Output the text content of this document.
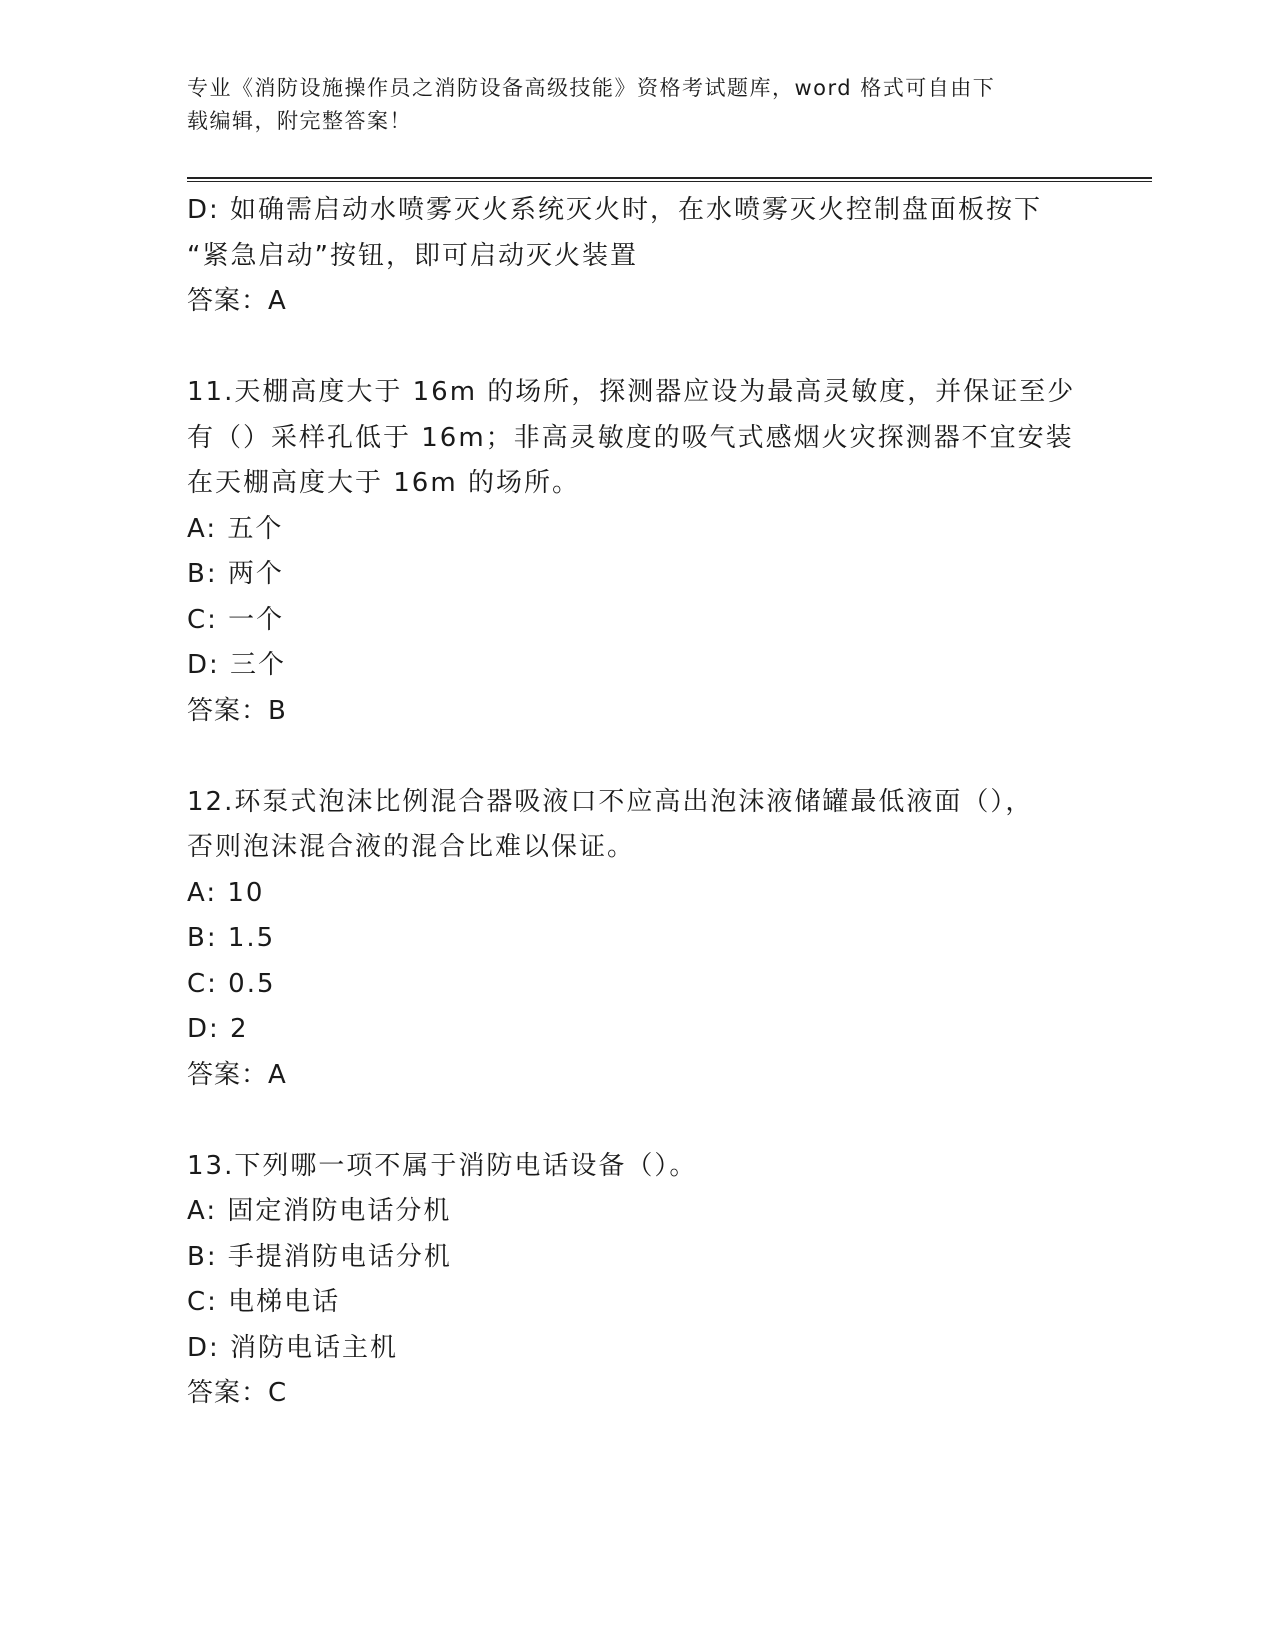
专业《消防设施操作员之消防设备高级技能》资格考试题库，word 格式可自由下
载编辑，附完整答案！
D: 如确需启动水喷雾灭火系统灭火时，在水喷雾灭火控制盘面板按下
“紧急启动”按钮，即可启动灭火装置
答案：A
11.天棚高度大于 16m 的场所，探测器应设为最高灵敏度，并保证至少
有（）采样孔低于 16m；非高灵敏度的吸气式感烟火灾探测器不宜安装
在天棚高度大于 16m 的场所。
A: 五个
B: 两个
C: 一个
D: 三个
答案：B
12.环泵式泡沫比例混合器吸液口不应高出泡沫液储罐最低液面（），
否则泡沫混合液的混合比难以保证。
A: 10
B: 1.5
C: 0.5
D: 2
答案：A
13.下列哪一项不属于消防电话设备（）。
A: 固定消防电话分机
B: 手提消防电话分机
C: 电梯电话
D: 消防电话主机
答案：C
